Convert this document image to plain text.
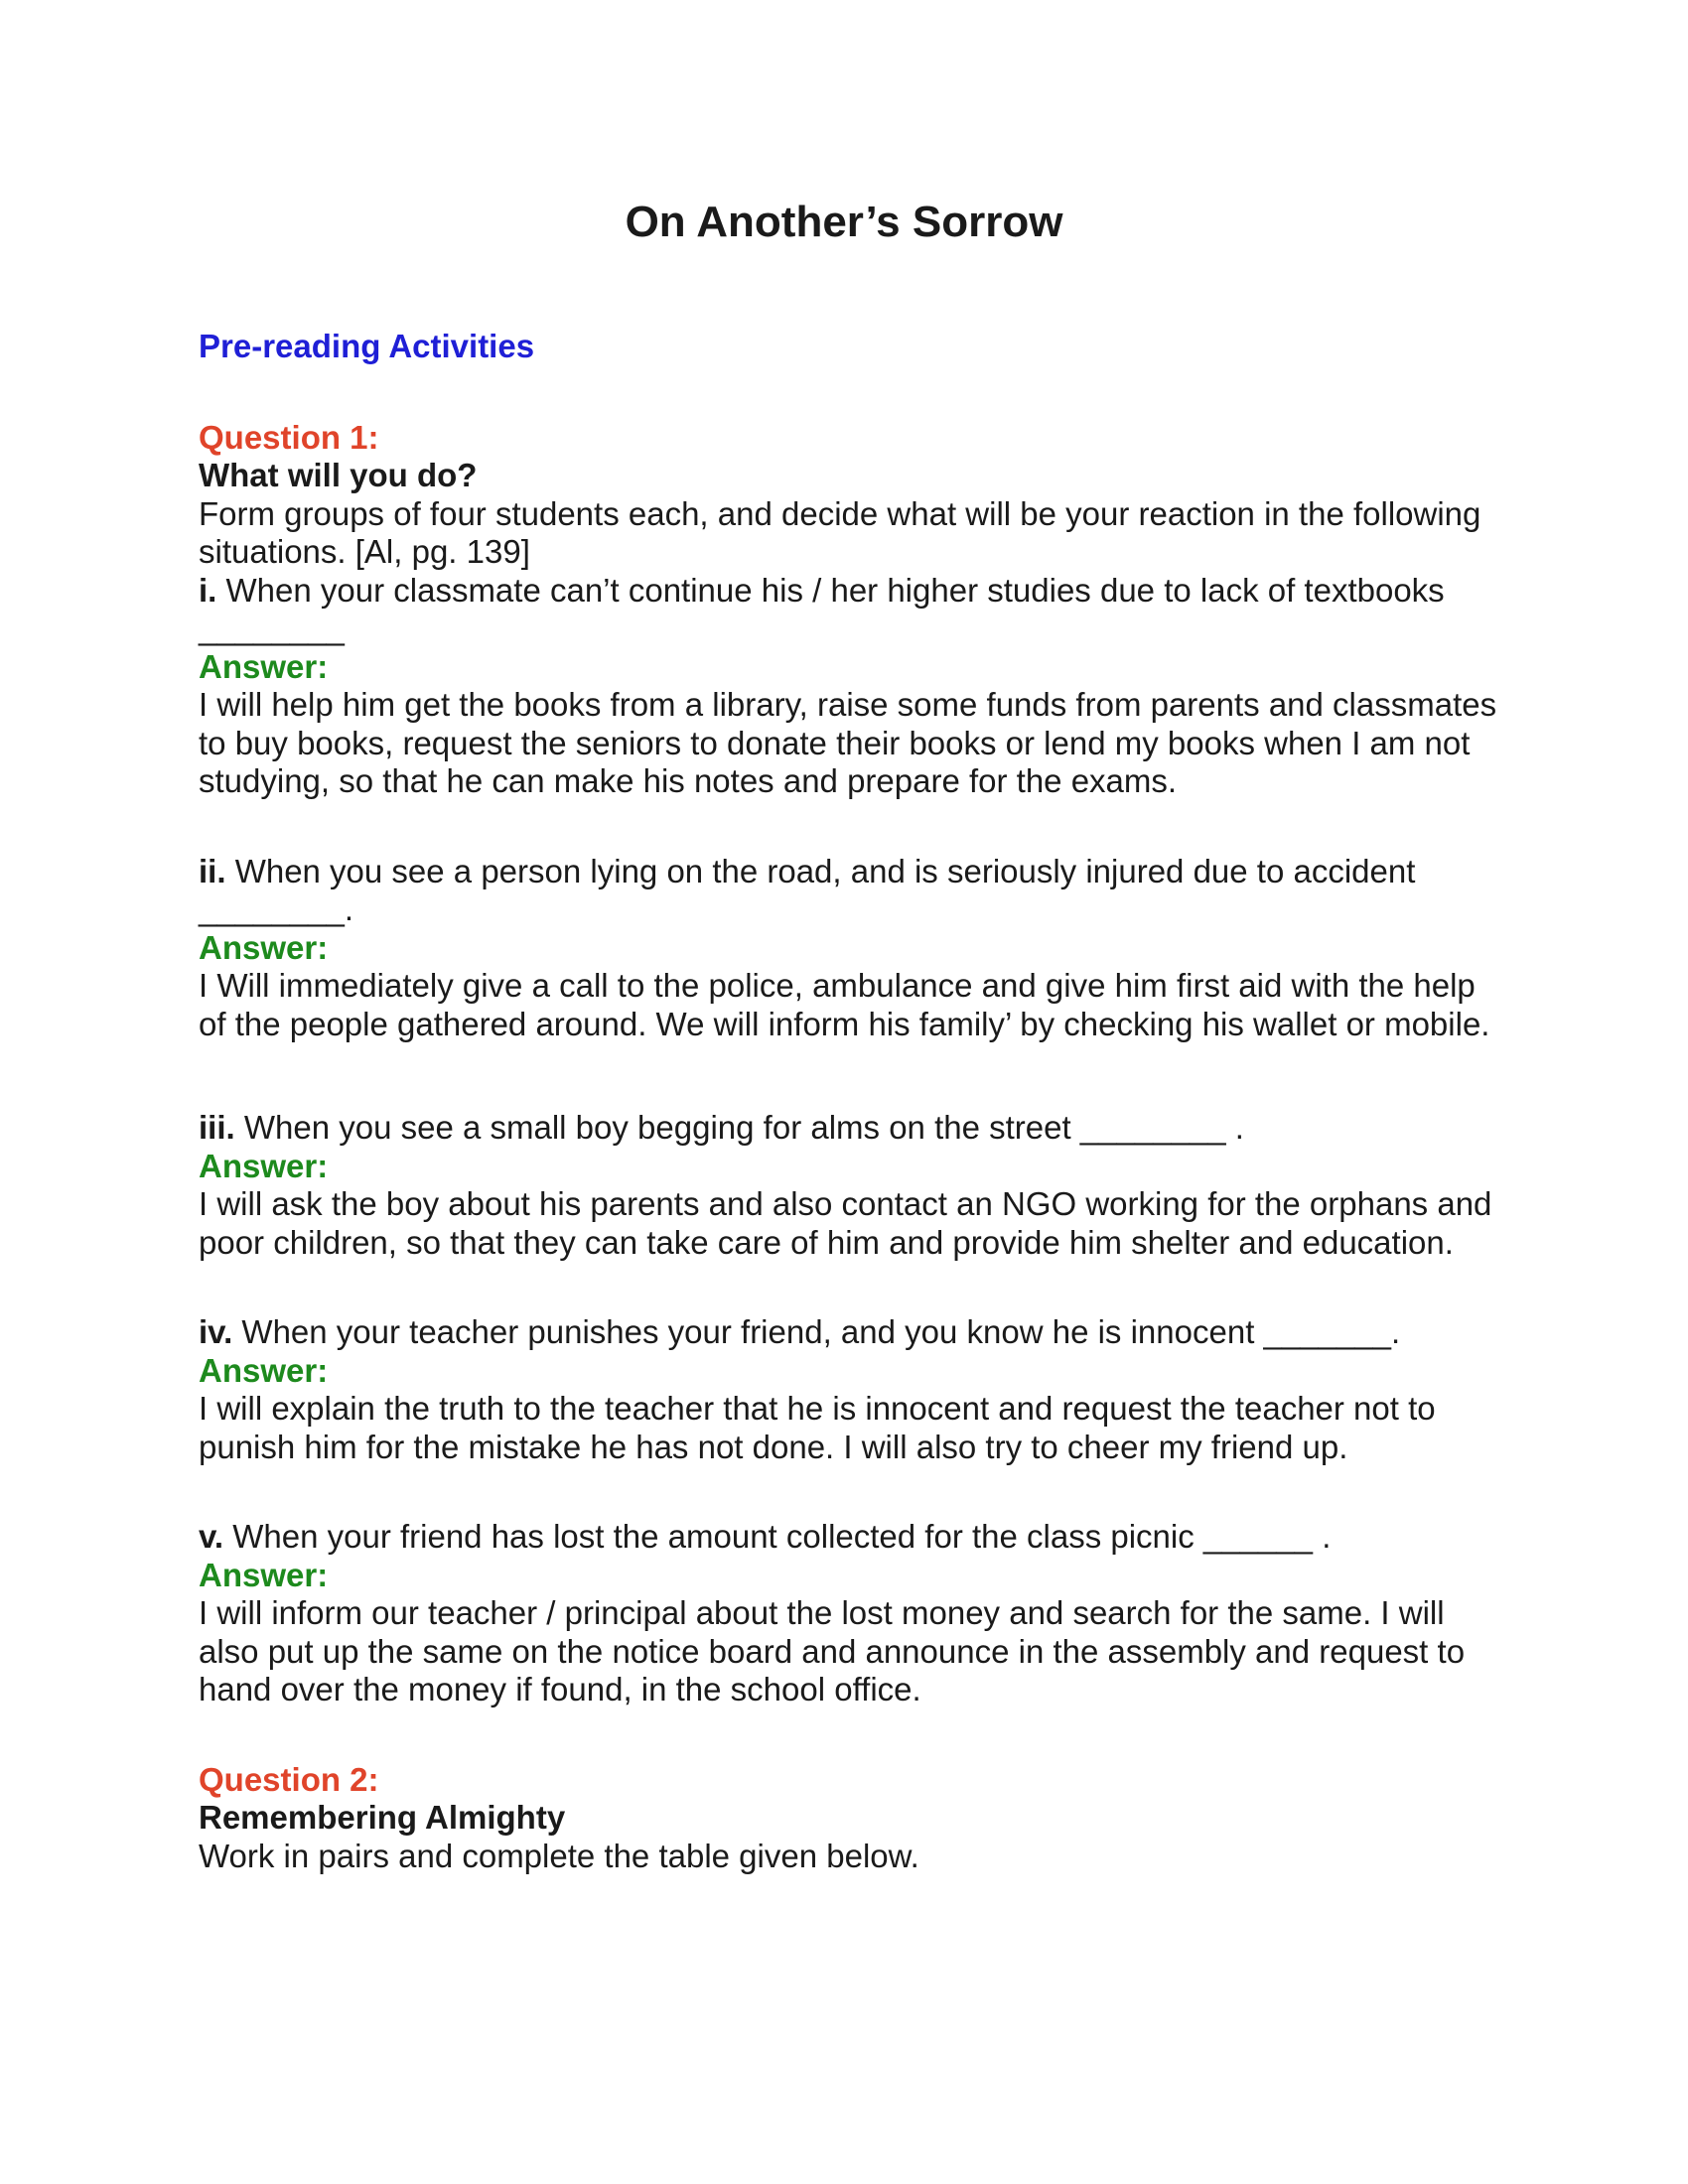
On Another’s Sorrow

Pre-reading Activities

Question 1:

What will you do?

Form groups of four students each, and decide what will be your reaction in the following situations. [Al, pg. 139]

i. When your classmate can’t continue his / her higher studies due to lack of textbooks

________

Answer:

I will help him get the books from a library, raise some funds from parents and classmates to buy books, request the seniors to donate their books or lend my books when I am not studying, so that he can make his notes and prepare for the exams.

ii. When you see a person lying on the road, and is seriously injured due to accident

________.

Answer:

I Will immediately give a call to the police, ambulance and give him first aid with the help of the people gathered around. We will inform his family’ by checking his wallet or mobile.

iii. When you see a small boy begging for alms on the street ________ .

Answer:

I will ask the boy about his parents and also contact an NGO working for the orphans and poor children, so that they can take care of him and provide him shelter and education.

iv. When your teacher punishes your friend, and you know he is innocent _______.

Answer:

I will explain the truth to the teacher that he is innocent and request the teacher not to punish him for the mistake he has not done. I will also try to cheer my friend up.

v. When your friend has lost the amount collected for the class picnic ______ .

Answer:

I will inform our teacher / principal about the lost money and search for the same. I will also put up the same on the notice board and announce in the assembly and request to hand over the money if found, in the school office.

Question 2:

Remembering Almighty

Work in pairs and complete the table given below.
